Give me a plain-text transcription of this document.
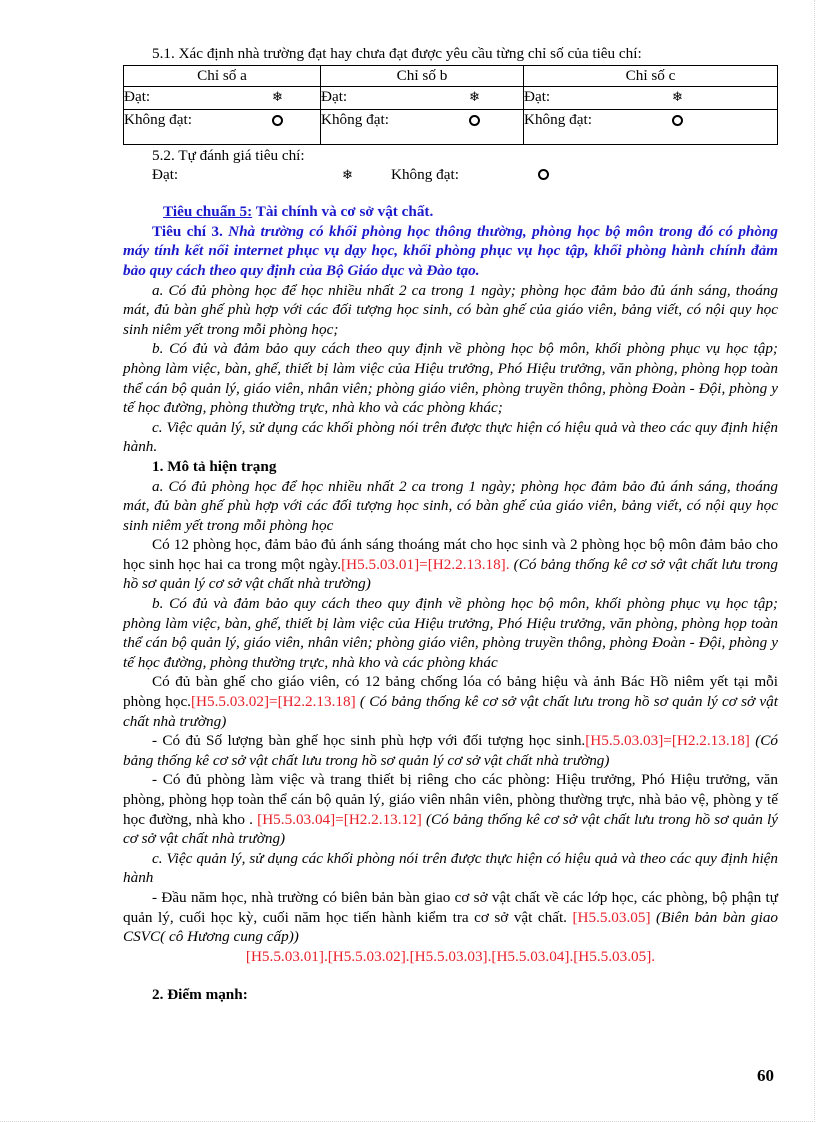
5.1. Xác định nhà trường đạt hay chưa đạt được yêu cầu từng chỉ số của tiêu chí:

Chỉ số a	Chỉ số b	Chỉ số c

Đạt: ❄	Đạt: ❄	Đạt: ❄

Không đạt:	Không đạt:	Không đạt:

5.2. Tự đánh giá tiêu chí:

Đạt:	❄	Không đạt:

Tiêu chuẩn 5: Tài chính và cơ sở vật chất.

Tiêu chí 3. Nhà trường có khối phòng học thông thường, phòng học bộ môn trong đó có phòng máy tính kết nối internet phục vụ dạy học, khối phòng phục vụ học tập, khối phòng hành chính đảm bảo quy cách theo quy định của Bộ Giáo dục và Đào tạo.

a. Có đủ phòng học để học nhiều nhất 2 ca trong 1 ngày; phòng học đảm bảo đủ ánh sáng, thoáng mát, đủ bàn ghế phù hợp với các đối tượng học sinh, có bàn ghế của giáo viên, bảng viết, có nội quy học sinh niêm yết trong mỗi phòng học;

b. Có đủ và đảm bảo quy cách theo quy định về phòng học bộ môn, khối phòng phục vụ học tập; phòng làm việc, bàn, ghế, thiết bị làm việc của Hiệu trưởng, Phó Hiệu trưởng, văn phòng, phòng họp toàn thể cán bộ quản lý, giáo viên, nhân viên; phòng giáo viên, phòng truyền thông, phòng Đoàn - Đội, phòng y tế học đường, phòng thường trực, nhà kho và các phòng khác;

c. Việc quản lý, sử dụng các khối phòng nói trên được thực hiện có hiệu quả và theo các quy định hiện hành.

1. Mô tả hiện trạng

a. Có đủ phòng học để học nhiều nhất 2 ca trong 1 ngày; phòng học đảm bảo đủ ánh sáng, thoáng mát, đủ bàn ghế phù hợp với các đối tượng học sinh, có bàn ghế của giáo viên, bảng viết, có nội quy học sinh niêm yết trong mỗi phòng học

Có 12 phòng học, đảm bảo đủ ánh sáng thoáng mát cho học sinh và 2 phòng học bộ môn đảm bảo cho học sinh học hai ca trong một ngày.[H5.5.03.01]=[H2.2.13.18]. (Có bảng thống kê cơ sở vật chất lưu trong hồ sơ quản lý cơ sở vật chất nhà trường)

b. Có đủ và đảm bảo quy cách theo quy định về phòng học bộ môn, khối phòng phục vụ học tập; phòng làm việc, bàn, ghế, thiết bị làm việc của Hiệu trưởng, Phó Hiệu trưởng, văn phòng, phòng họp toàn thể cán bộ quản lý, giáo viên, nhân viên; phòng giáo viên, phòng truyền thông, phòng Đoàn - Đội, phòng y tế học đường, phòng thường trực, nhà kho và các phòng khác

Có đủ bàn ghế cho giáo viên, có 12 bảng chống lóa có bảng hiệu và ảnh Bác Hồ niêm yết tại mỗi phòng học.[H5.5.03.02]=[H2.2.13.18] ( Có bảng thống kê cơ sở vật chất lưu trong hồ sơ quản lý cơ sở vật chất nhà trường)

- Có đủ Số lượng bàn ghế học sinh phù hợp với đối tượng học sinh.[H5.5.03.03]=[H2.2.13.18] (Có bảng thống kê cơ sở vật chất lưu trong hồ sơ quản lý cơ sở vật chất nhà trường)

- Có đủ phòng làm việc và trang thiết bị riêng cho các phòng: Hiệu trưởng, Phó Hiệu trưởng, văn phòng, phòng họp toàn thể cán bộ quản lý, giáo viên nhân viên, phòng thường trực, nhà bảo vệ, phòng y tế học đường, nhà kho . [H5.5.03.04]=[H2.2.13.12] (Có bảng thống kê cơ sở vật chất lưu trong hồ sơ quản lý cơ sở vật chất nhà trường)

c. Việc quản lý, sử dụng các khối phòng nói trên được thực hiện có hiệu quả và theo các quy định hiện hành

- Đầu năm học, nhà trường có biên bản bàn giao cơ sở vật chất về các lớp học, các phòng, bộ phận tự quản lý, cuối học kỳ, cuối năm học tiến hành kiểm tra cơ sở vật chất. [H5.5.03.05] (Biên bản bàn giao CSVC( cô Hương cung cấp))

[H5.5.03.01].[H5.5.03.02].[H5.5.03.03].[H5.5.03.04].[H5.5.03.05].

2. Điểm mạnh:

60
